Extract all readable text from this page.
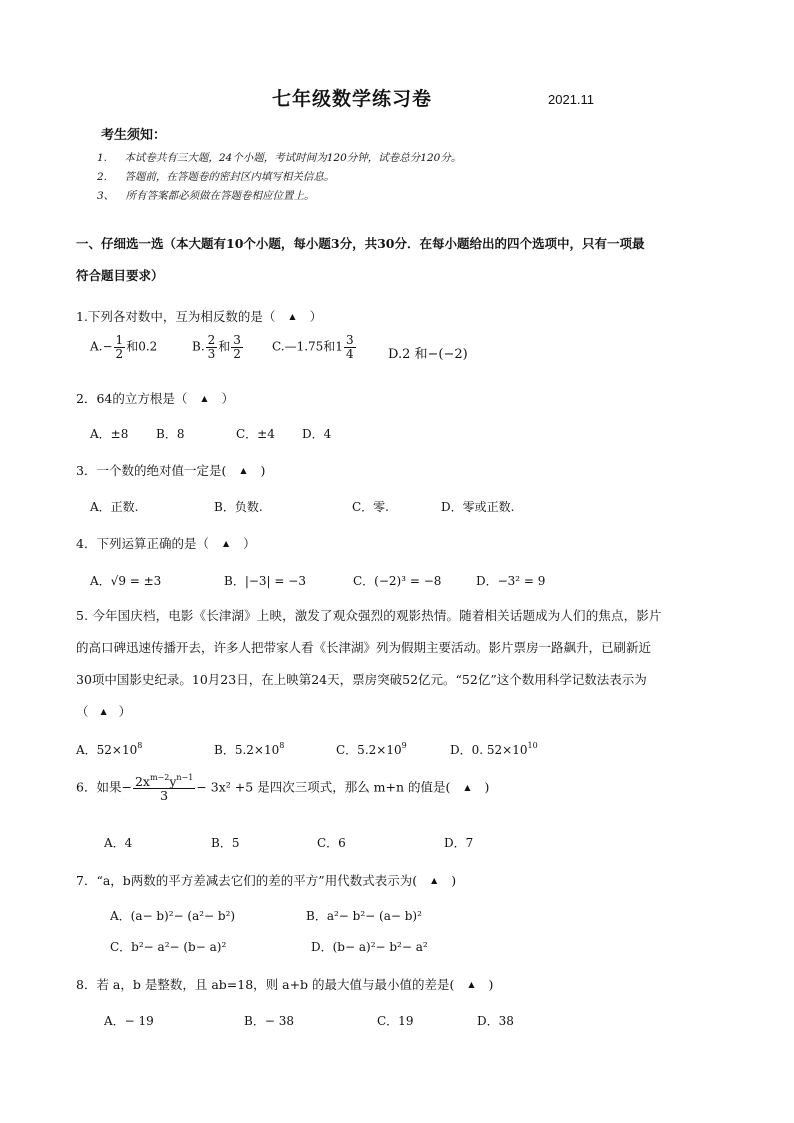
七年级数学练习卷	2021.11
考生须知：
1. 本试卷共有三大题，24个小题，考试时间为120分钟，试卷总分120分。
2. 答题前，在答题卷的密封区内填写相关信息。
3、 所有答案都必须做在答题卷相应位置上。
一、仔细选一选（本大题有10个小题，每小题3分，共30分．在每小题给出的四个选项中，只有一项最
符合题目要求）
1.下列各对数中，互为相反数的是（ ▲ ）
$A.- \frac{1}{2}$ 和0.2	B. $\frac{2}{3}$ 和 $\frac{3}{2}$ C.—1.75和$1 \frac{3}{4} D.2$ 和−(−2)
2．64的立方根是（ ▲ ）
A．±8 B．8	C．±4 D．4
3．一个数的绝对值一定是( ▲ )
A．正数.	B．负数.	C．零.	D．零或正数.
4．下列运算正确的是（ ▲ ）
A．√9 = ±3	B．|−3| = −3	C．(−2)³ = −8	D．−3² = 9
5. 今年国庆档，电影《长津湖》上映，激发了观众强烈的观影热情。随着相关话题成为人们的焦点，影片
的高口碑迅速传播开去，许多人把带家人看《长津湖》列为假期主要活动。影片票房一路飙升，已刷新近
30项中国影史纪录。10月23日，在上映第24天，票房突破52亿元。“52亿”这个数用科学记数法表示为
（ ▲ ）
A．$52\times 10^8$	B．$5.2\times 10^8$	C．$5.2\times 10^9$	D．0. $52\times 10^{10}$
6．如果− $\frac{2x^{m-2}y^{n-1}}{3} - 3x^2 +5$ 是四次三项式，那么 m+n 的值是( ▲ )
A．4	B．5	C．6	D．7
7．“a，b两数的平方差减去它们的差的平方”用代数式表示为( ▲ )
A．(a− b)²− (a²− b²)	B．a²− b²− (a− b)²
C．b²− a²− (b− a)²	D．(b− a)²− b²− a²
8．若 a，b 是整数，且 ab=18，则 a+b 的最大值与最小值的差是( ▲ )
A．− 19	B．− 38	C．19	D．38
